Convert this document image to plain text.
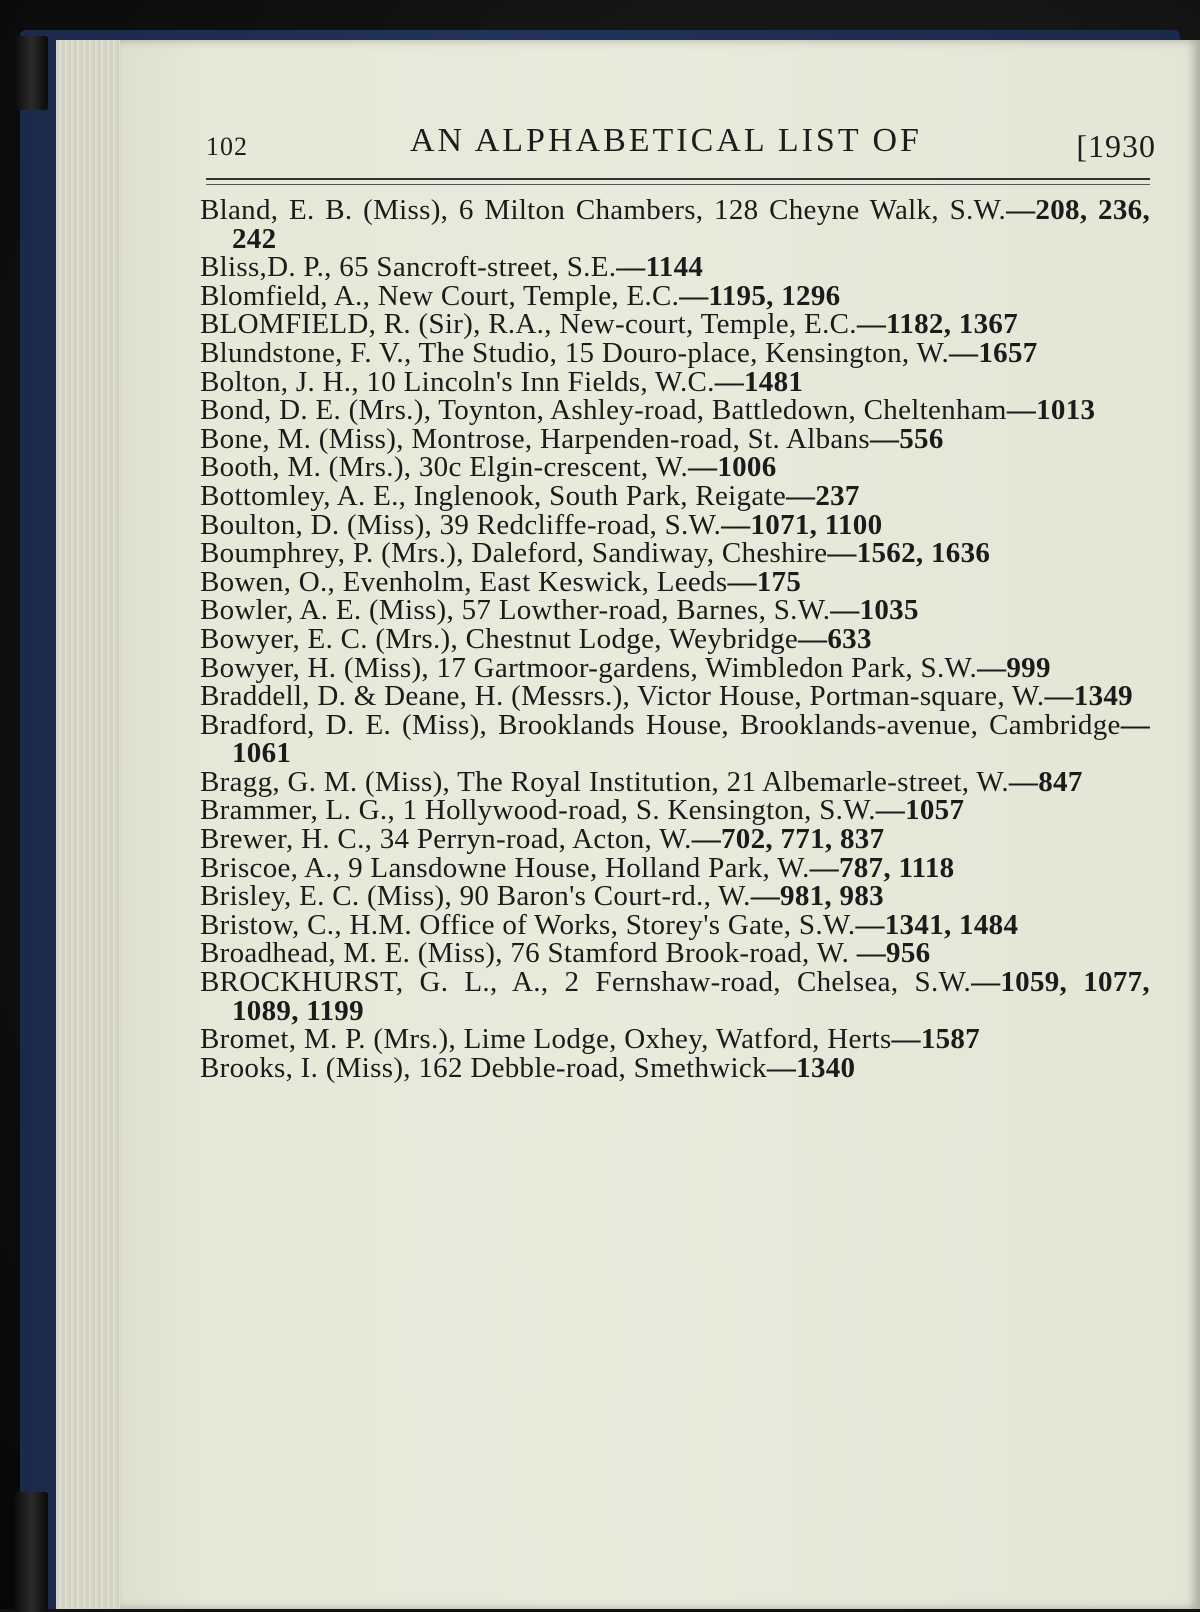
102	AN ALPHABETICAL LIST OF	[1930

Bland, E. B. (Miss), 6 Milton Chambers, 128 Cheyne Walk, S.W.—208, 236, 242

Bliss,D. P., 65 Sancroft-street, S.E.—1144

Blomfield, A., New Court, Temple, E.C.—1195, 1296

BLOMFIELD, R. (Sir), R.A., New-court, Temple, E.C.—1182, 1367

Blundstone, F. V., The Studio, 15 Douro-place, Kensington, W.—1657

Bolton, J. H., 10 Lincoln's Inn Fields, W.C.—1481

Bond, D. E. (Mrs.), Toynton, Ashley-road, Battledown, Cheltenham—1013

Bone, M. (Miss), Montrose, Harpenden-road, St. Albans—556

Booth, M. (Mrs.), 30c Elgin-crescent, W.—1006

Bottomley, A. E., Inglenook, South Park, Reigate—237

Boulton, D. (Miss), 39 Redcliffe-road, S.W.—1071, 1100

Boumphrey, P. (Mrs.), Daleford, Sandiway, Cheshire—1562, 1636

Bowen, O., Evenholm, East Keswick, Leeds—175

Bowler, A. E. (Miss), 57 Lowther-road, Barnes, S.W.—1035

Bowyer, E. C. (Mrs.), Chestnut Lodge, Weybridge—633

Bowyer, H. (Miss), 17 Gartmoor-gardens, Wimbledon Park, S.W.—999

Braddell, D. & Deane, H. (Messrs.), Victor House, Portman-square, W.—1349

Bradford, D. E. (Miss), Brooklands House, Brooklands-avenue, Cambridge—1061

Bragg, G. M. (Miss), The Royal Institution, 21 Albemarle-street, W.—847

Brammer, L. G., 1 Hollywood-road, S. Kensington, S.W.—1057

Brewer, H. C., 34 Perryn-road, Acton, W.—702, 771, 837

Briscoe, A., 9 Lansdowne House, Holland Park, W.—787, 1118

Brisley, E. C. (Miss), 90 Baron's Court-rd., W.—981, 983

Bristow, C., H.M. Office of Works, Storey's Gate, S.W.—1341, 1484

Broadhead, M. E. (Miss), 76 Stamford Brook-road, W. —956

BROCKHURST, G. L., A., 2 Fernshaw-road, Chelsea, S.W.—1059, 1077, 1089, 1199

Bromet, M. P. (Mrs.), Lime Lodge, Oxhey, Watford, Herts—1587

Brooks, I. (Miss), 162 Debble-road, Smethwick—1340
